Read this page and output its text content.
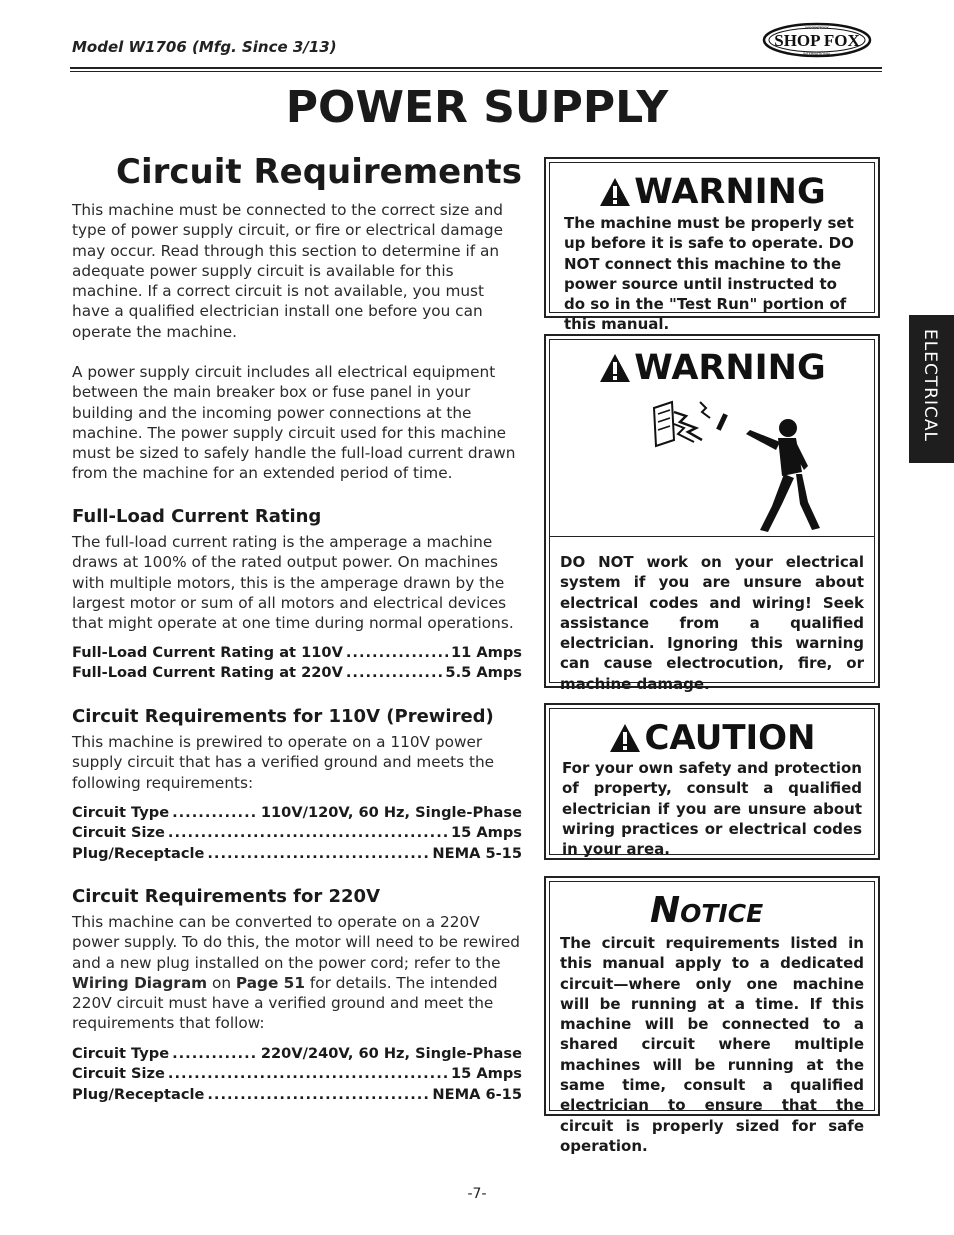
Model W1706 (Mfg. Since 3/13)	SHOP FOX
WOODSTOCK
INTERNATIONAL
POWER SUPPLY
Circuit Requirements
This machine must be connected to the correct size and type of power supply circuit, or fire or electrical damage may occur. Read through this section to determine if an adequate power supply circuit is available for this machine. If a correct circuit is not available, you must have a qualified electrician install one before you can operate the machine.
A power supply circuit includes all electrical equipment between the main breaker box or fuse panel in your building and the incoming power connections at the machine. The power supply circuit used for this machine must be sized to safely handle the full-load current drawn from the machine for an extended period of time.
Full-Load Current Rating
The full-load current rating is the amperage a machine draws at 100% of the rated output power. On machines with multiple motors, this is the amperage drawn by the largest motor or sum of all motors and electrical devices that might operate at one time during normal operations.
Full-Load Current Rating at 110V .....	11 Amps
Full-Load Current Rating at 220V .....	5.5 Amps
Circuit Requirements for 110V (Prewired)
This machine is prewired to operate on a 110V power supply circuit that has a verified ground and meets the following requirements:
Circuit Type .....	110V/120V, 60 Hz, Single-Phase
Circuit Size .....	15 Amps
Plug/Receptacle .....	NEMA 5-15
Circuit Requirements for 220V
This machine can be converted to operate on a 220V power supply. To do this, the motor will need to be rewired and a new plug installed on the power cord; refer to the Wiring Diagram on Page 51 for details. The intended 220V circuit must have a verified ground and meet the requirements that follow:
Circuit Type .....	220V/240V, 60 Hz, Single-Phase
Circuit Size .....	15 Amps
Plug/Receptacle .....	NEMA 6-15
WARNING
The machine must be properly set up before it is safe to operate. DO NOT connect this machine to the power source until instructed to do so in the "Test Run" portion of this manual.
WARNING
DO NOT work on your electrical system if you are unsure about electrical codes and wiring! Seek assistance from a qualified electrician. Ignoring this warning can cause electrocution, fire, or machine damage.
CAUTION
For your own safety and protection of property, consult a qualified electrician if you are unsure about wiring practices or electrical codes in your area.
Notice
The circuit requirements listed in this manual apply to a dedicated circuit—where only one machine will be running at a time. If this machine will be connected to a shared circuit where multiple machines will be running at the same time, consult a qualified electrician to ensure that the circuit is properly sized for safe operation.
ELECTRICAL
-7-
